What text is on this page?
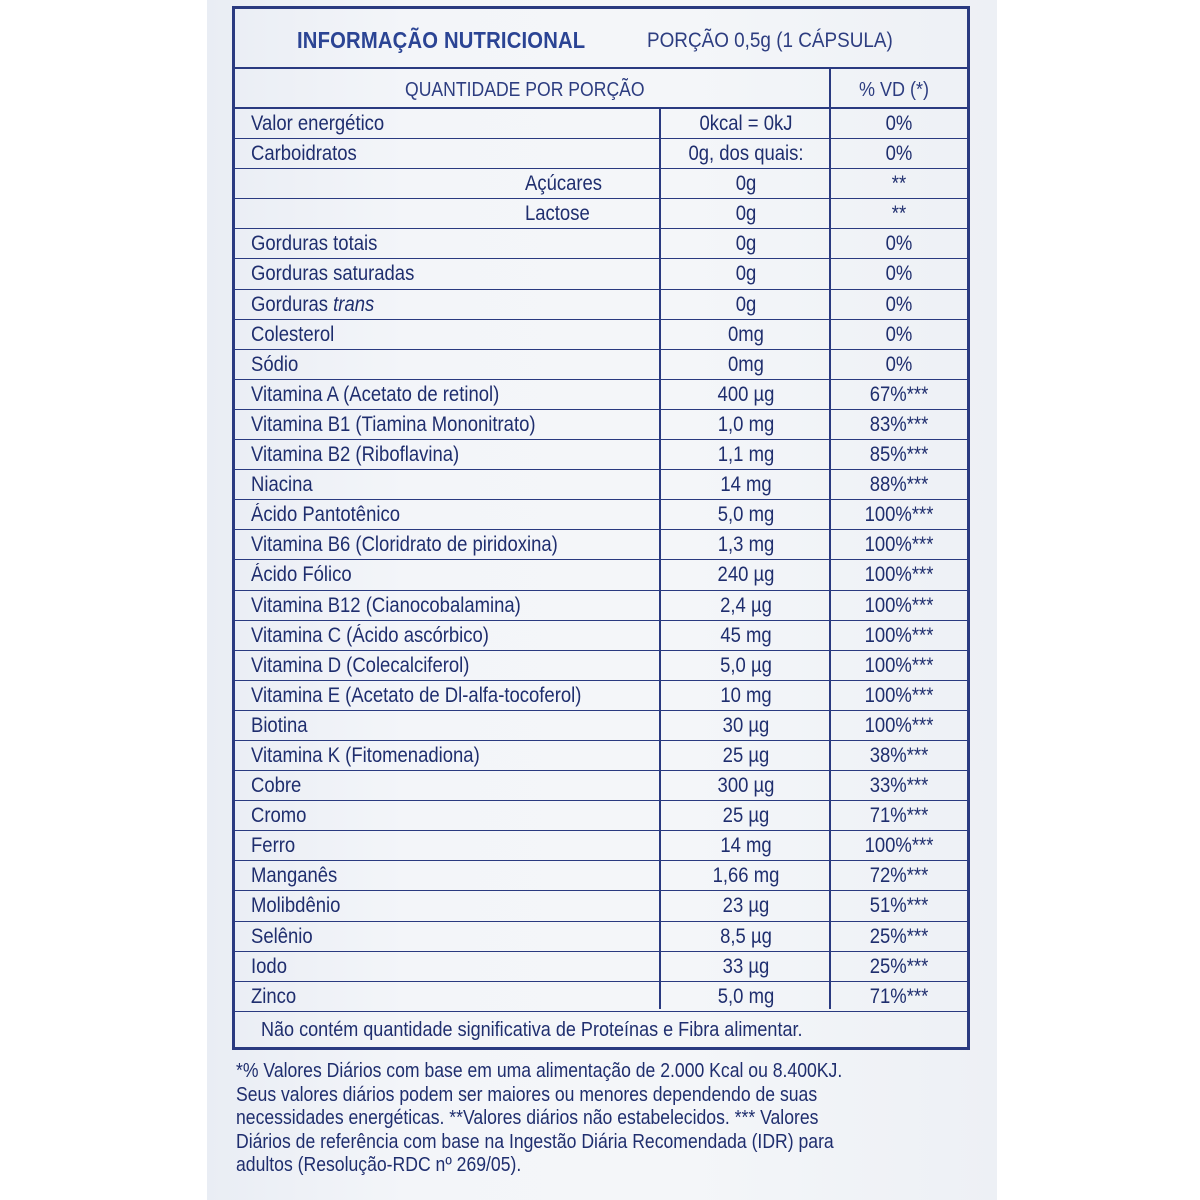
INFORMAÇÃO NUTRICIONAL	PORÇÃO 0,5g (1 CÁPSULA)
QUANTIDADE POR PORÇÃO	% VD (*)
Valor energético	0kcal = 0kJ	0%
Carboidratos	0g, dos quais:	0%
Açúcares	0g	**
Lactose	0g	**
Gorduras totais	0g	0%
Gorduras saturadas	0g	0%
Gorduras trans	0g	0%
Colesterol	0mg	0%
Sódio	0mg	0%
Vitamina A (Acetato de retinol)	400 µg	67%***
Vitamina B1 (Tiamina Mononitrato)	1,0 mg	83%***
Vitamina B2 (Riboflavina)	1,1 mg	85%***
Niacina	14 mg	88%***
Ácido Pantotênico	5,0 mg	100%***
Vitamina B6 (Cloridrato de piridoxina)	1,3 mg	100%***
Ácido Fólico	240 µg	100%***
Vitamina B12 (Cianocobalamina)	2,4 µg	100%***
Vitamina C (Ácido ascórbico)	45 mg	100%***
Vitamina D (Colecalciferol)	5,0 µg	100%***
Vitamina E (Acetato de Dl-alfa-tocoferol)	10 mg	100%***
Biotina	30 µg	100%***
Vitamina K (Fitomenadiona)	25 µg	38%***
Cobre	300 µg	33%***
Cromo	25 µg	71%***
Ferro	14 mg	100%***
Manganês	1,66 mg	72%***
Molibdênio	23 µg	51%***
Selênio	8,5 µg	25%***
Iodo	33 µg	25%***
Zinco	5,0 mg	71%***
Não contém quantidade significativa de Proteínas e Fibra alimentar.
*% Valores Diários com base em uma alimentação de 2.000 Kcal ou 8.400KJ.
Seus valores diários podem ser maiores ou menores dependendo de suas
necessidades energéticas. **Valores diários não estabelecidos. *** Valores
Diários de referência com base na Ingestão Diária Recomendada (IDR) para
adultos (Resolução-RDC nº 269/05).
